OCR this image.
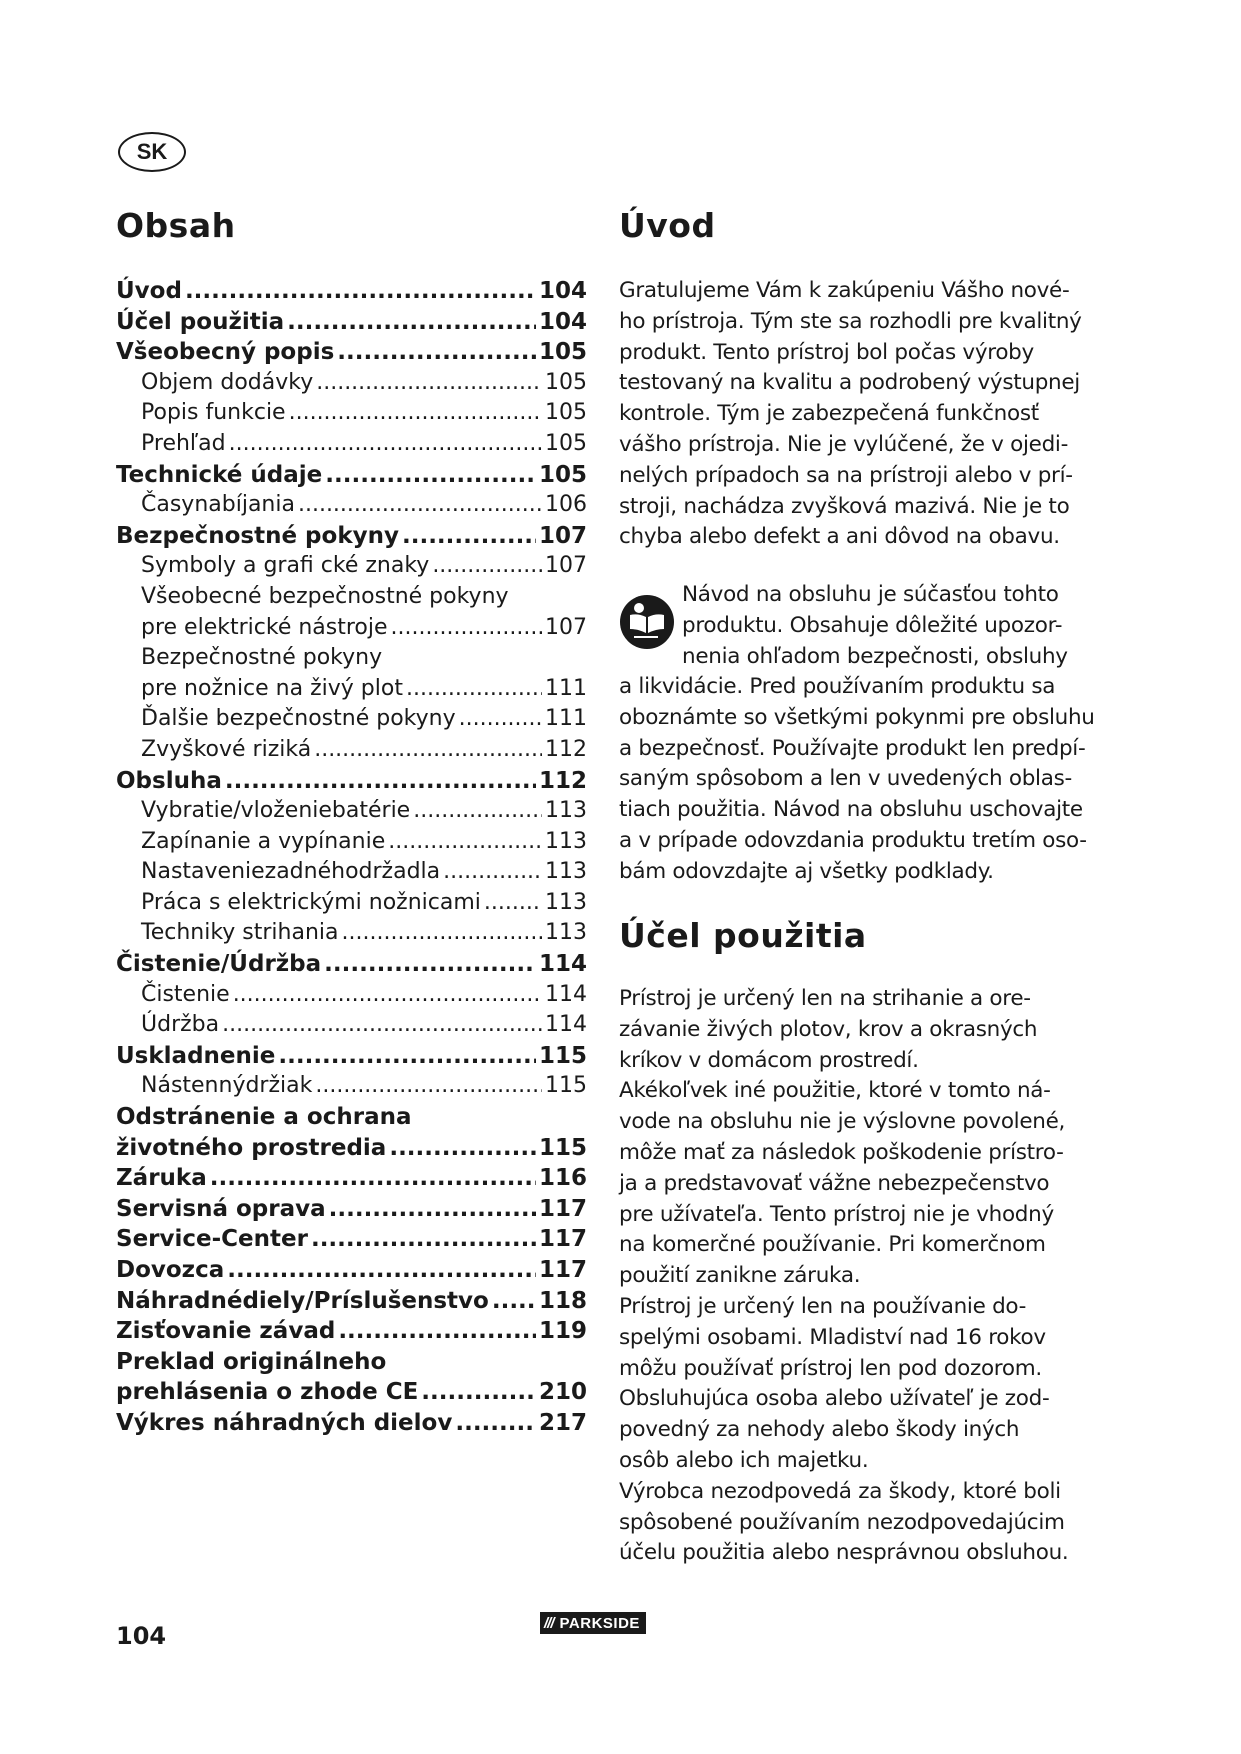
SK
Obsah
Úvod .....	104
Účel použitia .....	104
Všeobecný popis .....	105
Objem dodávky .....	105
Popis funkcie .....	105
Prehľad .....	105
Technické údaje .....	105
Časynabíjania .....	106
Bezpečnostné pokyny .....	107
Symboly a grafi cké znaky .....	107
Všeobecné bezpečnostné pokyny
pre elektrické nástroje .....	107
Bezpečnostné pokyny
pre nožnice na živý plot .....	111
Ďalšie bezpečnostné pokyny .....	111
Zvyškové riziká .....	112
Obsluha .....	112
Vybratie/vloženiebatérie .....	113
Zapínanie a vypínanie .....	113
Nastaveniezadnéhodržadla .....	113
Práca s elektrickými nožnicami .....	113
Techniky strihania .....	113
Čistenie/Údržba .....	114
Čistenie .....	114
Údržba .....	114
Uskladnenie .....	115
Nástennýdržiak .....	115
Odstránenie a ochrana
životného prostredia .....	115
Záruka .....	116
Servisná oprava .....	117
Service-Center .....	117
Dovozca .....	117
Náhradnédiely/Príslušenstvo ..... 118
Zisťovanie závad .....	119
Preklad originálneho
prehlásenia o zhode CE .....	210
Výkres náhradných dielov .....	217
Úvod

Gratulujeme Vám k zakúpeniu Vášho nové-

ho prístroja. Tým ste sa rozhodli pre kvalitný

produkt. Tento prístroj bol počas výroby

testovaný na kvalitu a podrobený výstupnej

kontrole. Tým je zabezpečená funkčnosť

vášho prístroja. Nie je vylúčené, že v ojedi-

nelých prípadoch sa na prístroji alebo v prí-

stroji, nachádza zvyšková mazivá. Nie je to

chyba alebo defekt a ani dôvod na obavu.

Návod na obsluhu je súčasťou tohto

produktu. Obsahuje dôležité upozor-

nenia ohľadom bezpečnosti, obsluhy

a likvidácie. Pred používaním produktu sa

oboznámte so všetkými pokynmi pre obsluhu

a bezpečnosť. Používajte produkt len predpí-

saným spôsobom a len v uvedených oblas-

tiach použitia. Návod na obsluhu uschovajte

a v prípade odovzdania produktu tretím oso-

bám odovzdajte aj všetky podklady.

Účel použitia

Prístroj je určený len na strihanie a ore-

závanie živých plotov, krov a okrasných

kríkov v domácom prostredí.

Akékoľvek iné použitie, ktoré v tomto ná-

vode na obsluhu nie je výslovne povolené,

môže mať za následok poškodenie prístro-

ja a predstavovať vážne nebezpečenstvo

pre užívateľa. Tento prístroj nie je vhodný

na komerčné používanie. Pri komerčnom

použití zanikne záruka.

Prístroj je určený len na používanie do-

spelými osobami. Mladiství nad 16 rokov

môžu používať prístroj len pod dozorom.

Obsluhujúca osoba alebo užívateľ je zod-

povedný za nehody alebo škody iných

osôb alebo ich majetku.

Výrobca nezodpovedá za škody, ktoré boli

spôsobené používaním nezodpovedajúcim

účelu použitia alebo nesprávnou obsluhou.

104	/// PARKSIDE
